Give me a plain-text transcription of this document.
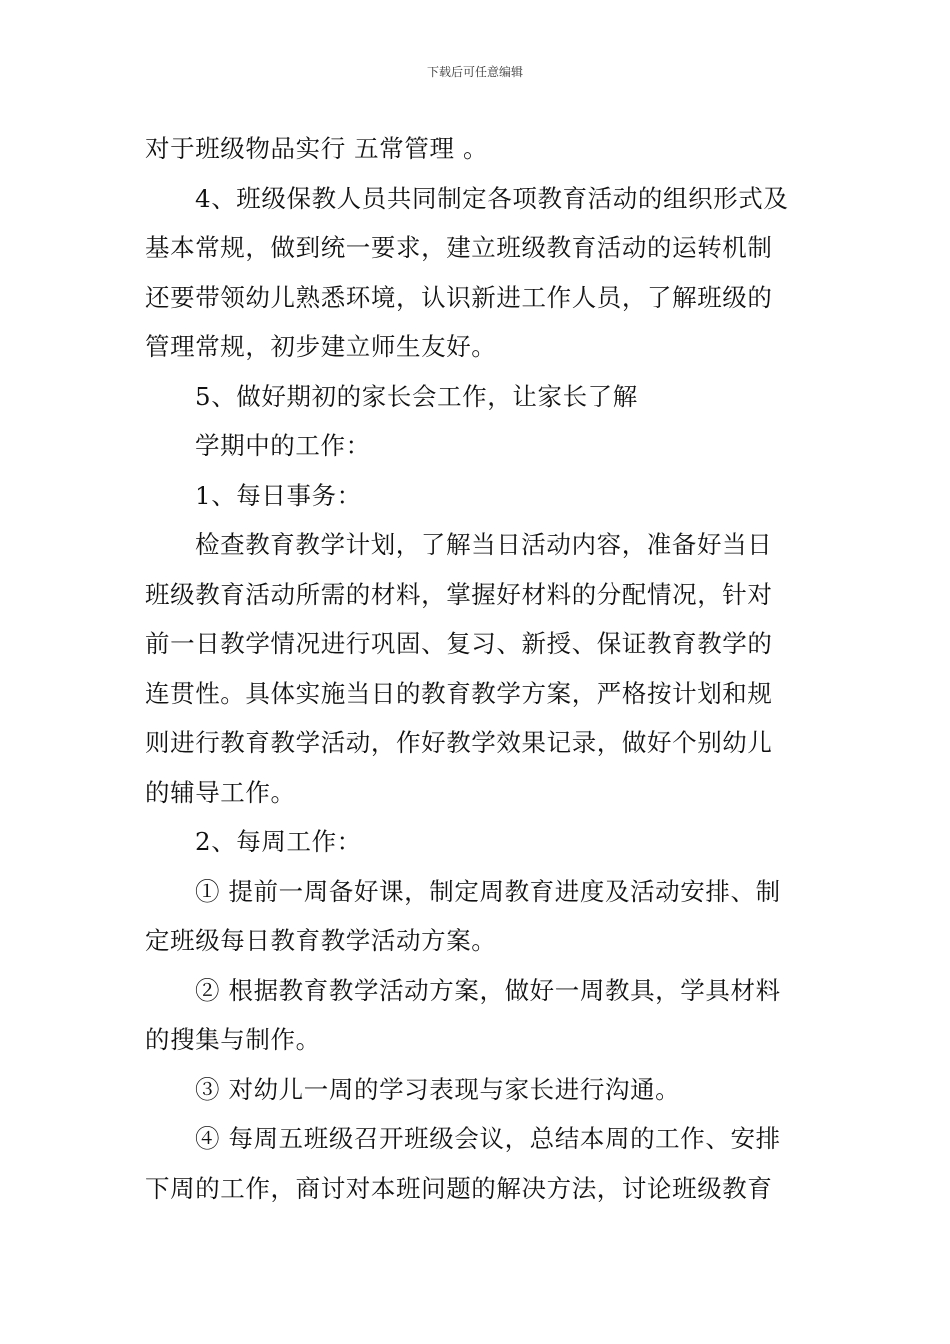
下载后可任意编辑
对于班级物品实行 五常管理 。
4、班级保教人员共同制定各项教育活动的组织形式及
基本常规，做到统一要求，建立班级教育活动的运转机制
还要带领幼儿熟悉环境，认识新进工作人员，了解班级的
管理常规，初步建立师生友好。
5、做好期初的家长会工作，让家长了解
学期中的工作：
1、每日事务：
检查教育教学计划，了解当日活动内容，准备好当日
班级教育活动所需的材料，掌握好材料的分配情况，针对
前一日教学情况进行巩固、复习、新授、保证教育教学的
连贯性。具体实施当日的教育教学方案，严格按计划和规
则进行教育教学活动，作好教学效果记录，做好个别幼儿
的辅导工作。
2、每周工作：
① 提前一周备好课，制定周教育进度及活动安排、制
定班级每日教育教学活动方案。
② 根据教育教学活动方案，做好一周教具，学具材料
的搜集与制作。
③ 对幼儿一周的学习表现与家长进行沟通。
④ 每周五班级召开班级会议，总结本周的工作、安排
下周的工作，商讨对本班问题的解决方法，讨论班级教育
